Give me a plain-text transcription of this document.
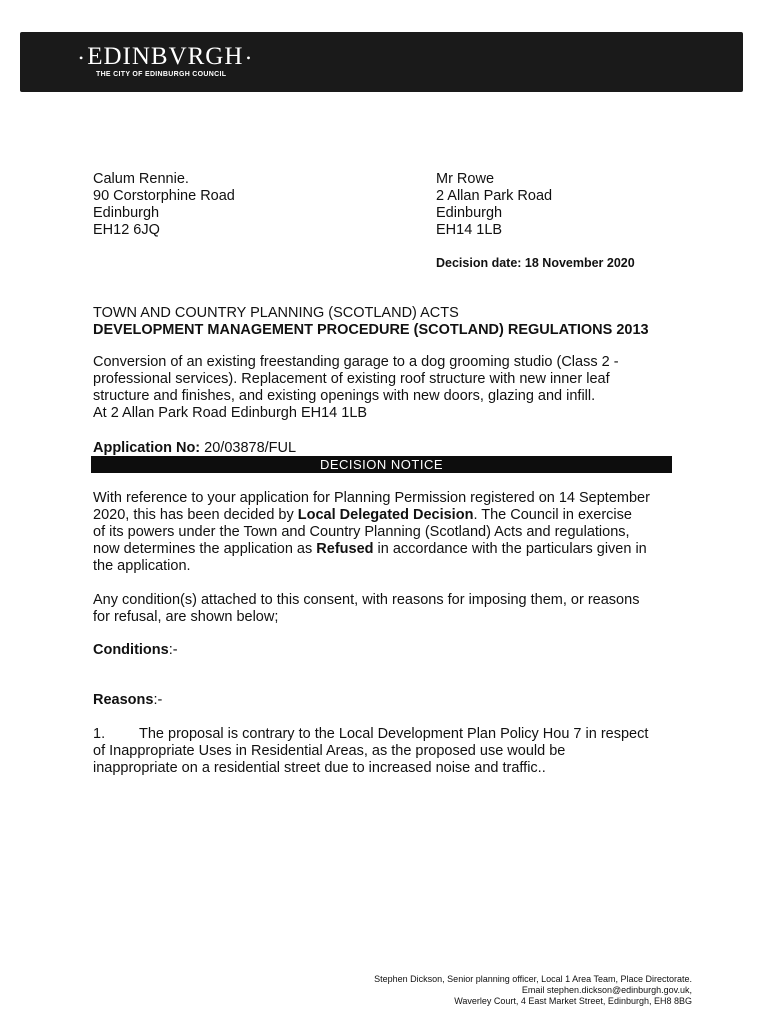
• EDINBVRGH •
THE CITY OF EDINBURGH COUNCIL
Calum Rennie.
90 Corstorphine Road
Edinburgh
EH12 6JQ
Mr Rowe
2 Allan Park Road
Edinburgh
EH14 1LB
Decision date: 18 November 2020
TOWN AND COUNTRY PLANNING (SCOTLAND) ACTS
DEVELOPMENT MANAGEMENT PROCEDURE (SCOTLAND) REGULATIONS 2013
Conversion of an existing freestanding garage to a dog grooming studio (Class 2 -
professional services). Replacement of existing roof structure with new inner leaf
structure and finishes, and existing openings with new doors, glazing and infill.
At 2 Allan Park Road Edinburgh EH14 1LB
Application No: 20/03878/FUL
DECISION NOTICE
With reference to your application for Planning Permission registered on 14 September
2020, this has been decided by Local Delegated Decision. The Council in exercise
of its powers under the Town and Country Planning (Scotland) Acts and regulations,
now determines the application as Refused in accordance with the particulars given in
the application.
Any condition(s) attached to this consent, with reasons for imposing them, or reasons
for refusal, are shown below;
Conditions:-
Reasons:-
1. The proposal is contrary to the Local Development Plan Policy Hou 7 in respect
of Inappropriate Uses in Residential Areas, as the proposed use would be
inappropriate on a residential street due to increased noise and traffic..
Stephen Dickson, Senior planning officer, Local 1 Area Team, Place Directorate.
Email stephen.dickson@edinburgh.gov.uk,
Waverley Court, 4 East Market Street, Edinburgh, EH8 8BG
